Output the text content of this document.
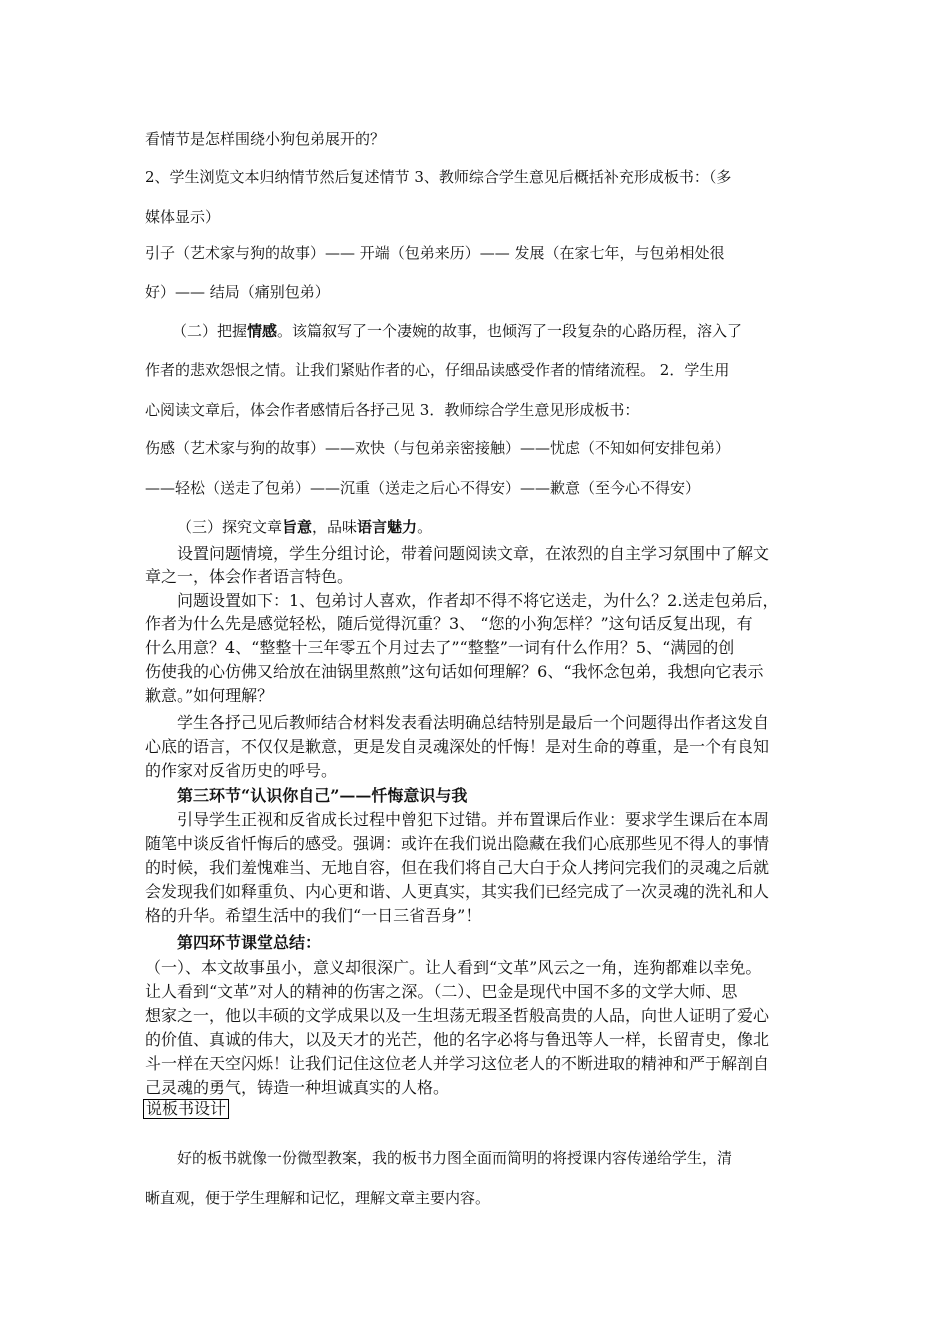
看情节是怎样围绕小狗包弟展开的？

2、学生浏览文本归纳情节然后复述情节 3、教师综合学生意见后概括补充形成板书：（多

媒体显示）

引子（艺术家与狗的故事）—— 开端（包弟来历）—— 发展（在家七年，与包弟相处很

好）—— 结局（痛别包弟）

（二）把握情感。该篇叙写了一个凄婉的故事，也倾泻了一段复杂的心路历程，溶入了

作者的悲欢怨恨之情。让我们紧贴作者的心，仔细品读感受作者的情绪流程。 2．学生用

心阅读文章后，体会作者感情后各抒己见 3．教师综合学生意见形成板书：

伤感（艺术家与狗的故事）——欢快（与包弟亲密接触）——忧虑（不知如何安排包弟）

——轻松（送走了包弟）——沉重（送走之后心不得安）——歉意（至今心不得安）

（三）探究文章旨意，品味语言魅力。

设置问题情境，学生分组讨论，带着问题阅读文章，在浓烈的自主学习氛围中了解文

章之一，体会作者语言特色。

问题设置如下：1、包弟讨人喜欢，作者却不得不将它送走，为什么？2.送走包弟后，

作者为什么先是感觉轻松，随后觉得沉重？3、 “您的小狗怎样？”这句话反复出现，有

什么用意？4、“整整十三年零五个月过去了”“整整”一词有什么作用？5、“满园的创

伤使我的心仿佛又给放在油锅里熬煎”这句话如何理解？6、“我怀念包弟，我想向它表示

歉意。”如何理解？

学生各抒己见后教师结合材料发表看法明确总结特别是最后一个问题得出作者这发自

心底的语言，不仅仅是歉意，更是发自灵魂深处的忏悔！是对生命的尊重，是一个有良知

的作家对反省历史的呼号。

第三环节“认识你自己”——忏悔意识与我

引导学生正视和反省成长过程中曾犯下过错。并布置课后作业：要求学生课后在本周

随笔中谈反省忏悔后的感受。强调：或许在我们说出隐藏在我们心底那些见不得人的事情

的时候，我们羞愧难当、无地自容，但在我们将自己大白于众人拷问完我们的灵魂之后就

会发现我们如释重负、内心更和谐、人更真实，其实我们已经完成了一次灵魂的洗礼和人

格的升华。希望生活中的我们“一日三省吾身”！

第四环节课堂总结：

（一）、本文故事虽小，意义却很深广。让人看到“文革”风云之一角，连狗都难以幸免。

让人看到“文革”对人的精神的伤害之深。（二）、巴金是现代中国不多的文学大师、思

想家之一，他以丰硕的文学成果以及一生坦荡无瑕圣哲般高贵的人品，向世人证明了爱心

的价值、真诚的伟大，以及天才的光芒，他的名字必将与鲁迅等人一样，长留青史，像北

斗一样在天空闪烁！让我们记住这位老人并学习这位老人的不断进取的精神和严于解剖自

己灵魂的勇气，铸造一种坦诚真实的人格。

说板书设计

好的板书就像一份微型教案，我的板书力图全面而简明的将授课内容传递给学生，清

晰直观，便于学生理解和记忆，理解文章主要内容。
